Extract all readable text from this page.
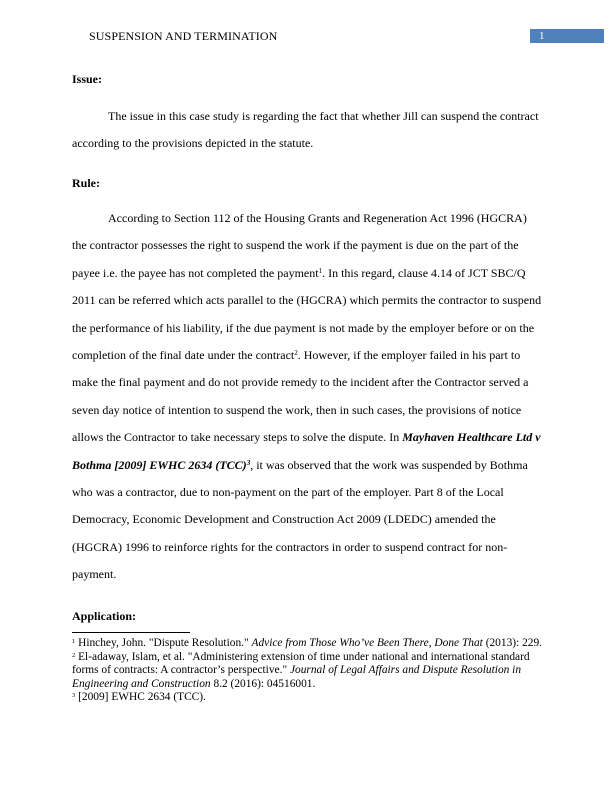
SUSPENSION AND TERMINATION	1
Issue:
The issue in this case study is regarding the fact that whether Jill can suspend the contract according to the provisions depicted in the statute.
Rule:
According to Section 112 of the Housing Grants and Regeneration Act 1996 (HGCRA) the contractor possesses the right to suspend the work if the payment is due on the part of the payee i.e. the payee has not completed the payment$^1$. In this regard, clause 4.14 of JCT SBC/Q 2011 can be referred which acts parallel to the (HGCRA) which permits the contractor to suspend the performance of his liability, if the due payment is not made by the employer before or on the completion of the final date under the contract$^2$. However, if the employer failed in his part to make the final payment and do not provide remedy to the incident after the Contractor served a seven day notice of intention to suspend the work, then in such cases, the provisions of notice allows the Contractor to take necessary steps to solve the dispute. In Mayhaven Healthcare Ltd v Bothma [2009] EWHC 2634 (TCC)$^3$, it was observed that the work was suspended by Bothma who was a contractor, due to non-payment on the part of the employer. Part 8 of the Local Democracy, Economic Development and Construction Act 2009 (LDEDC) amended the (HGCRA) 1996 to reinforce rights for the contractors in order to suspend contract for non-payment.
Application:

$^1$ Hinchey, John. "Dispute Resolution." Advice from Those Who’ve Been There, Done That (2013): 229.

$^2$ El-adaway, Islam, et al. "Administering extension of time under national and international standard forms of contracts: A contractor’s perspective." Journal of Legal Affairs and Dispute Resolution in Engineering and Construction 8.2 (2016): 04516001.

$^3$ [2009] EWHC 2634 (TCC).
